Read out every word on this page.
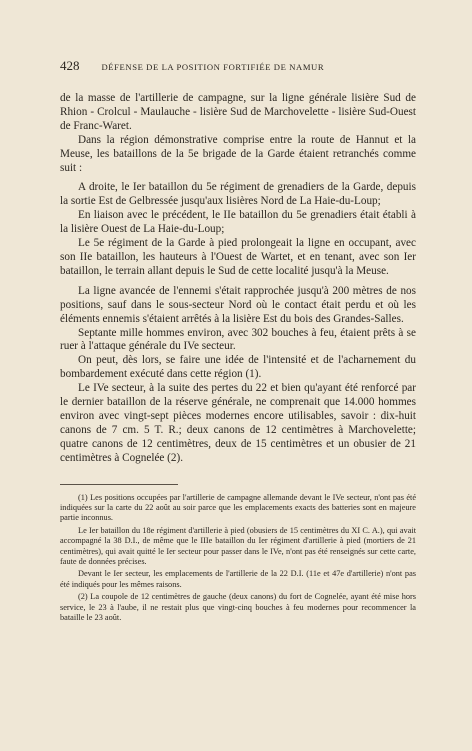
428	DÉFENSE DE LA POSITION FORTIFIÉE DE NAMUR

de la masse de l'artillerie de campagne, sur la ligne générale lisière Sud de Rhion - Crolcul - Maulauche - lisière Sud de Marchovelette - lisière Sud-Ouest de Franc-Waret.

Dans la région démonstrative comprise entre la route de Hannut et la Meuse, les bataillons de la 5e brigade de la Garde étaient retranchés comme suit :

A droite, le Ier bataillon du 5e régiment de grenadiers de la Garde, depuis la sortie Est de Gelbressée jusqu'aux lisières Nord de La Haie-du-Loup;

En liaison avec le précédent, le IIe bataillon du 5e grenadiers était établi à la lisière Ouest de La Haie-du-Loup;

Le 5e régiment de la Garde à pied prolongeait la ligne en occupant, avec son IIe bataillon, les hauteurs à l'Ouest de Wartet, et en tenant, avec son Ier bataillon, le terrain allant depuis le Sud de cette localité jusqu'à la Meuse.

La ligne avancée de l'ennemi s'était rapprochée jusqu'à 200 mètres de nos positions, sauf dans le sous-secteur Nord où le contact était perdu et où les éléments ennemis s'étaient arrêtés à la lisière Est du bois des Grandes-Salles.

Septante mille hommes environ, avec 302 bouches à feu, étaient prêts à se ruer à l'attaque générale du IVe secteur.

On peut, dès lors, se faire une idée de l'intensité et de l'acharnement du bombardement exécuté dans cette région (1).

Le IVe secteur, à la suite des pertes du 22 et bien qu'ayant été renforcé par le dernier bataillon de la réserve générale, ne comprenait que 14.000 hommes environ avec vingt-sept pièces modernes encore utilisables, savoir : dix-huit canons de 7 cm. 5 T. R.; deux canons de 12 centimètres à Marchovelette; quatre canons de 12 centimètres, deux de 15 centimètres et un obusier de 21 centimètres à Cognelée (2).

(1) Les positions occupées par l'artillerie de campagne allemande devant le IVe secteur, n'ont pas été indiquées sur la carte du 22 août au soir parce que les emplacements exacts des batteries sont en majeure partie inconnus.

Le Ier bataillon du 18e régiment d'artillerie à pied (obusiers de 15 centimètres du XI C. A.), qui avait accompagné la 38 D.I., de même que le IIIe bataillon du Ier régiment d'artillerie à pied (mortiers de 21 centimètres), qui avait quitté le Ier secteur pour passer dans le IVe, n'ont pas été renseignés sur cette carte, faute de données précises.

Devant le Ier secteur, les emplacements de l'artillerie de la 22 D.I. (11e et 47e d'artillerie) n'ont pas été indiqués pour les mêmes raisons.

(2) La coupole de 12 centimètres de gauche (deux canons) du fort de Cognelée, ayant été mise hors service, le 23 à l'aube, il ne restait plus que vingt-cinq bouches à feu modernes pour recommencer la bataille le 23 août.
